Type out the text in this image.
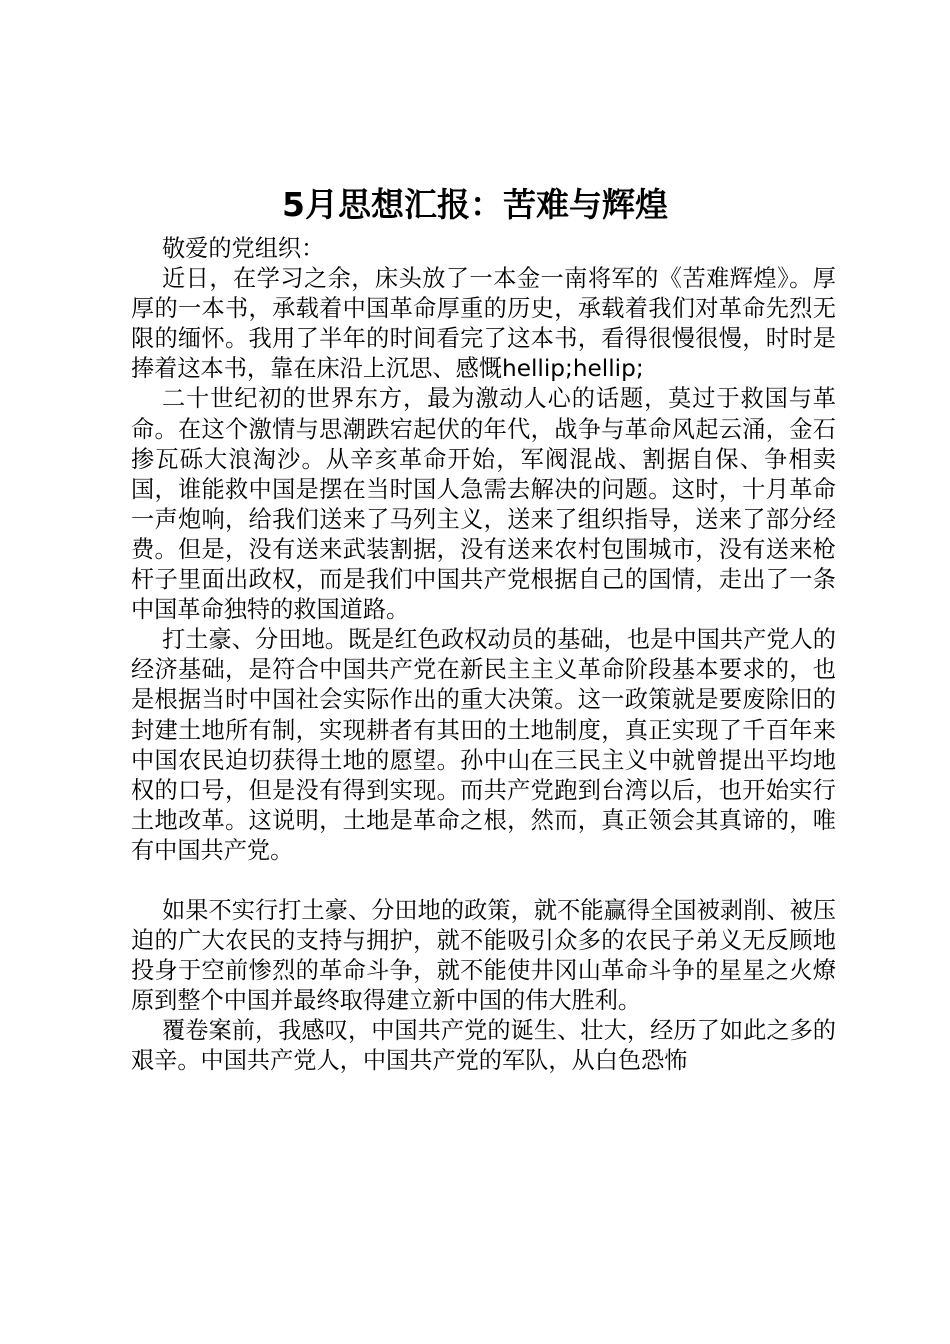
5月思想汇报：苦难与辉煌

敬爱的党组织：

近日，在学习之余，床头放了一本金一南将军的《苦难辉煌》。厚厚的一本书，承载着中国革命厚重的历史，承载着我们对革命先烈无限的缅怀。我用了半年的时间看完了这本书，看得很慢很慢，时时是捧着这本书，靠在床沿上沉思、感慨hellip;hellip;

二十世纪初的世界东方，最为激动人心的话题，莫过于救国与革命。在这个激情与思潮跌宕起伏的年代，战争与革命风起云涌，金石掺瓦砾大浪淘沙。从辛亥革命开始，军阀混战、割据自保、争相卖国，谁能救中国是摆在当时国人急需去解决的问题。这时，十月革命一声炮响，给我们送来了马列主义，送来了组织指导，送来了部分经费。但是，没有送来武装割据，没有送来农村包围城市，没有送来枪杆子里面出政权，而是我们中国共产党根据自己的国情，走出了一条中国革命独特的救国道路。

打土豪、分田地。既是红色政权动员的基础，也是中国共产党人的经济基础，是符合中国共产党在新民主主义革命阶段基本要求的，也是根据当时中国社会实际作出的重大决策。这一政策就是要废除旧的封建土地所有制，实现耕者有其田的土地制度，真正实现了千百年来中国农民迫切获得土地的愿望。孙中山在三民主义中就曾提出平均地权的口号，但是没有得到实现。而共产党跑到台湾以后，也开始实行土地改革。这说明，土地是革命之根，然而，真正领会其真谛的，唯有中国共产党。

如果不实行打土豪、分田地的政策，就不能赢得全国被剥削、被压迫的广大农民的支持与拥护，就不能吸引众多的农民子弟义无反顾地投身于空前惨烈的革命斗争，就不能使井冈山革命斗争的星星之火燎原到整个中国并最终取得建立新中国的伟大胜利。

覆卷案前，我感叹，中国共产党的诞生、壮大，经历了如此之多的艰辛。中国共产党人，中国共产党的军队，从白色恐怖
